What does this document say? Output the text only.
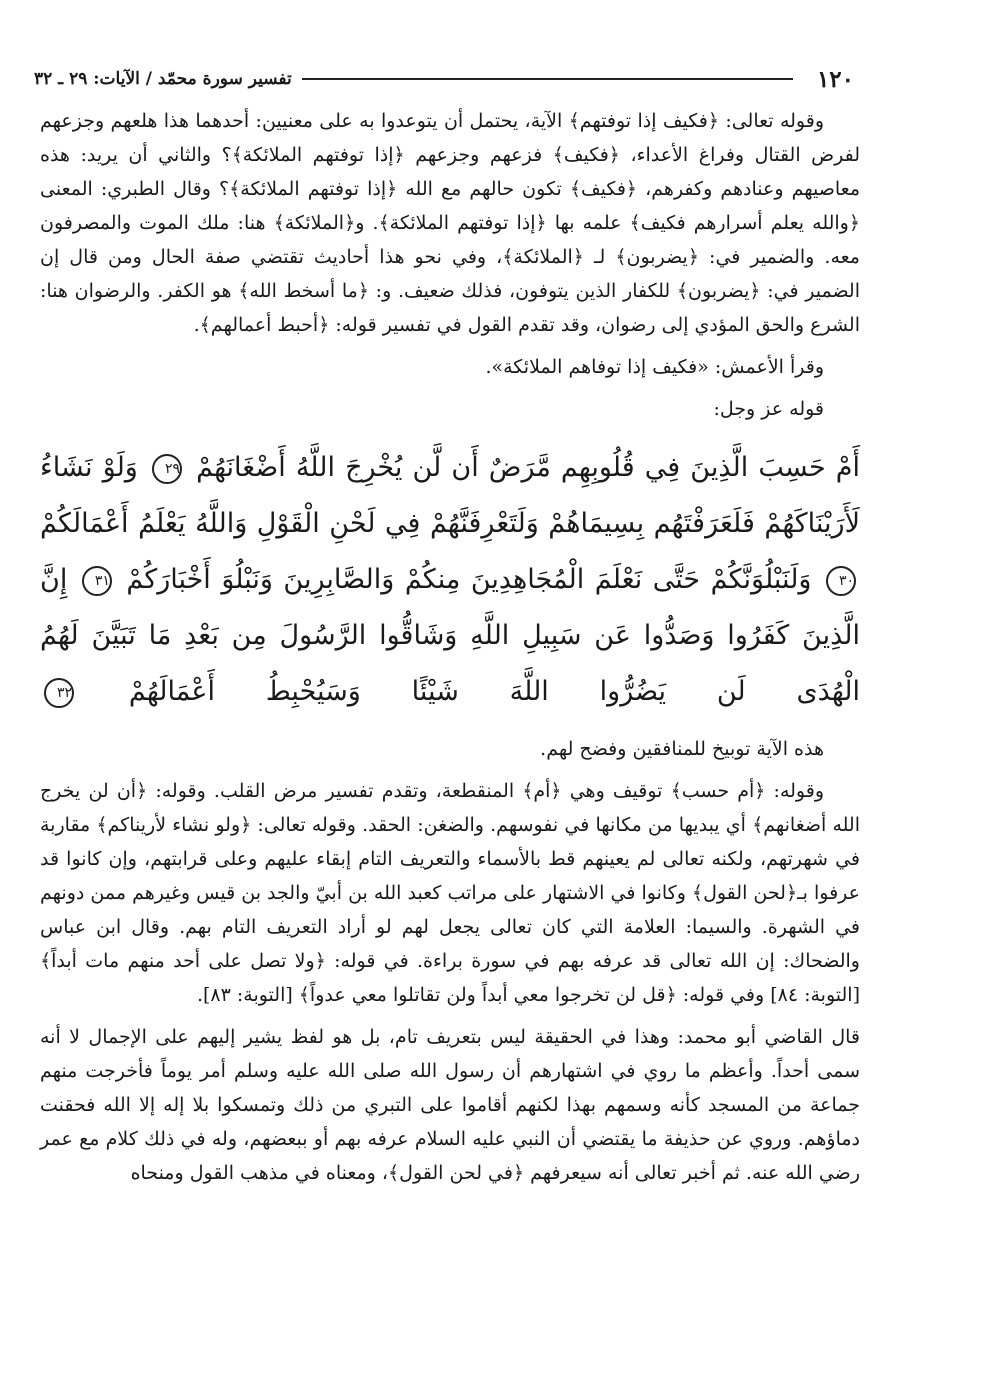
١٢٠
تفسير سورة محمّد / الآيات: ٢٩ ـ ٣٢

وقوله تعالى: ﴿فكيف إذا توفتهم﴾ الآية، يحتمل أن يتوعدوا به على معنيين: أحدهما هذا هلعهم وجزعهم لفرض القتال وفراغ الأعداء، ﴿فكيف﴾ فزعهم وجزعهم ﴿إذا توفتهم الملائكة﴾؟ والثاني أن يريد: هذه معاصيهم وعنادهم وكفرهم، ﴿فكيف﴾ تكون حالهم مع الله ﴿إذا توفتهم الملائكة﴾؟ وقال الطبري: المعنى ﴿والله يعلم أسرارهم فكيف﴾ علمه بها ﴿إذا توفتهم الملائكة﴾. و﴿الملائكة﴾ هنا: ملك الموت والمصرفون معه. والضمير في: ﴿يضربون﴾ لـ ﴿الملائكة﴾، وفي نحو هذا أحاديث تقتضي صفة الحال ومن قال إن الضمير في: ﴿يضربون﴾ للكفار الذين يتوفون، فذلك ضعيف. و: ﴿ما أسخط الله﴾ هو الكفر. والرضوان هنا: الشرع والحق المؤدي إلى رضوان، وقد تقدم القول في تفسير قوله: ﴿أحبط أعمالهم﴾.

وقرأ الأعمش: «فكيف إذا توفاهم الملائكة».

قوله عز وجل:

أَمْ حَسِبَ الَّذِينَ فِي قُلُوبِهِم مَّرَضٌ أَن لَّن يُخْرِجَ اللَّهُ أَضْغَانَهُمْ ٢٩ وَلَوْ نَشَاءُ لَأَرَيْنَاكَهُمْ فَلَعَرَفْتَهُم بِسِيمَاهُمْ وَلَتَعْرِفَنَّهُمْ فِي لَحْنِ الْقَوْلِ وَاللَّهُ يَعْلَمُ أَعْمَالَكُمْ ٣٠ وَلَنَبْلُوَنَّكُمْ حَتَّى نَعْلَمَ الْمُجَاهِدِينَ مِنكُمْ وَالصَّابِرِينَ وَنَبْلُوَ أَخْبَارَكُمْ ٣١ إِنَّ الَّذِينَ كَفَرُوا وَصَدُّوا عَن سَبِيلِ اللَّهِ وَشَاقُّوا الرَّسُولَ مِن بَعْدِ مَا تَبَيَّنَ لَهُمُ الْهُدَى لَن يَضُرُّوا اللَّهَ شَيْئًا وَسَيُحْبِطُ أَعْمَالَهُمْ ٣٢

هذه الآية توبيخ للمنافقين وفضح لهم.

وقوله: ﴿أم حسب﴾ توقيف وهي ﴿أم﴾ المنقطعة، وتقدم تفسير مرض القلب. وقوله: ﴿أن لن يخرج الله أضغانهم﴾ أي يبديها من مكانها في نفوسهم. والضغن: الحقد. وقوله تعالى: ﴿ولو نشاء لأريناكم﴾ مقاربة في شهرتهم، ولكنه تعالى لم يعينهم قط بالأسماء والتعريف التام إبقاء عليهم وعلى قرابتهم، وإن كانوا قد عرفوا بـ﴿لحن القول﴾ وكانوا في الاشتهار على مراتب كعبد الله بن أبيّ والجد بن قيس وغيرهم ممن دونهم في الشهرة. والسيما: العلامة التي كان تعالى يجعل لهم لو أراد التعريف التام بهم. وقال ابن عباس والضحاك: إن الله تعالى قد عرفه بهم في سورة براءة. في قوله: ﴿ولا تصل على أحد منهم مات أبداً﴾ [التوبة: ٨٤] وفي قوله: ﴿قل لن تخرجوا معي أبداً ولن تقاتلوا معي عدواً﴾ [التوبة: ٨٣].

قال القاضي أبو محمد: وهذا في الحقيقة ليس بتعريف تام، بل هو لفظ يشير إليهم على الإجمال لا أنه سمى أحداً. وأعظم ما روي في اشتهارهم أن رسول الله صلى الله عليه وسلم أمر يوماً فأخرجت منهم جماعة من المسجد كأنه وسمهم بهذا لكنهم أقاموا على التبري من ذلك وتمسكوا بلا إله إلا الله فحقنت دماؤهم. وروي عن حذيفة ما يقتضي أن النبي عليه السلام عرفه بهم أو ببعضهم، وله في ذلك كلام مع عمر رضي الله عنه. ثم أخبر تعالى أنه سيعرفهم ﴿في لحن القول﴾، ومعناه في مذهب القول ومنحاه
